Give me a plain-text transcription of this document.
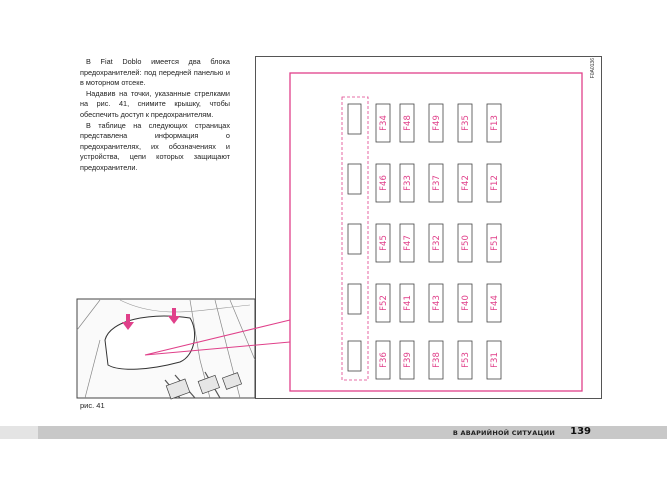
В Fiat Doblo имеется два блока предохранителей: под передней панелью и в моторном отсеке.

Надавив на точки, указанные стрелками на рис. 41, снимите крышку, чтобы обеспечить доступ к предохранителям.

В таблице на следующих страницах представлена информация о предохранителях, их обозначениях и устройства, цепи которых защищают предохранители.

F0A0136
F34 F48 F49 F35 F13
F46 F33 F37 F42 F12
F45 F47 F32 F50 F51
F52 F41 F43 F40 F44
F36 F39 F38 F53 F31
рис. 41
В АВАРИЙНОЙ СИТУАЦИИ 139
